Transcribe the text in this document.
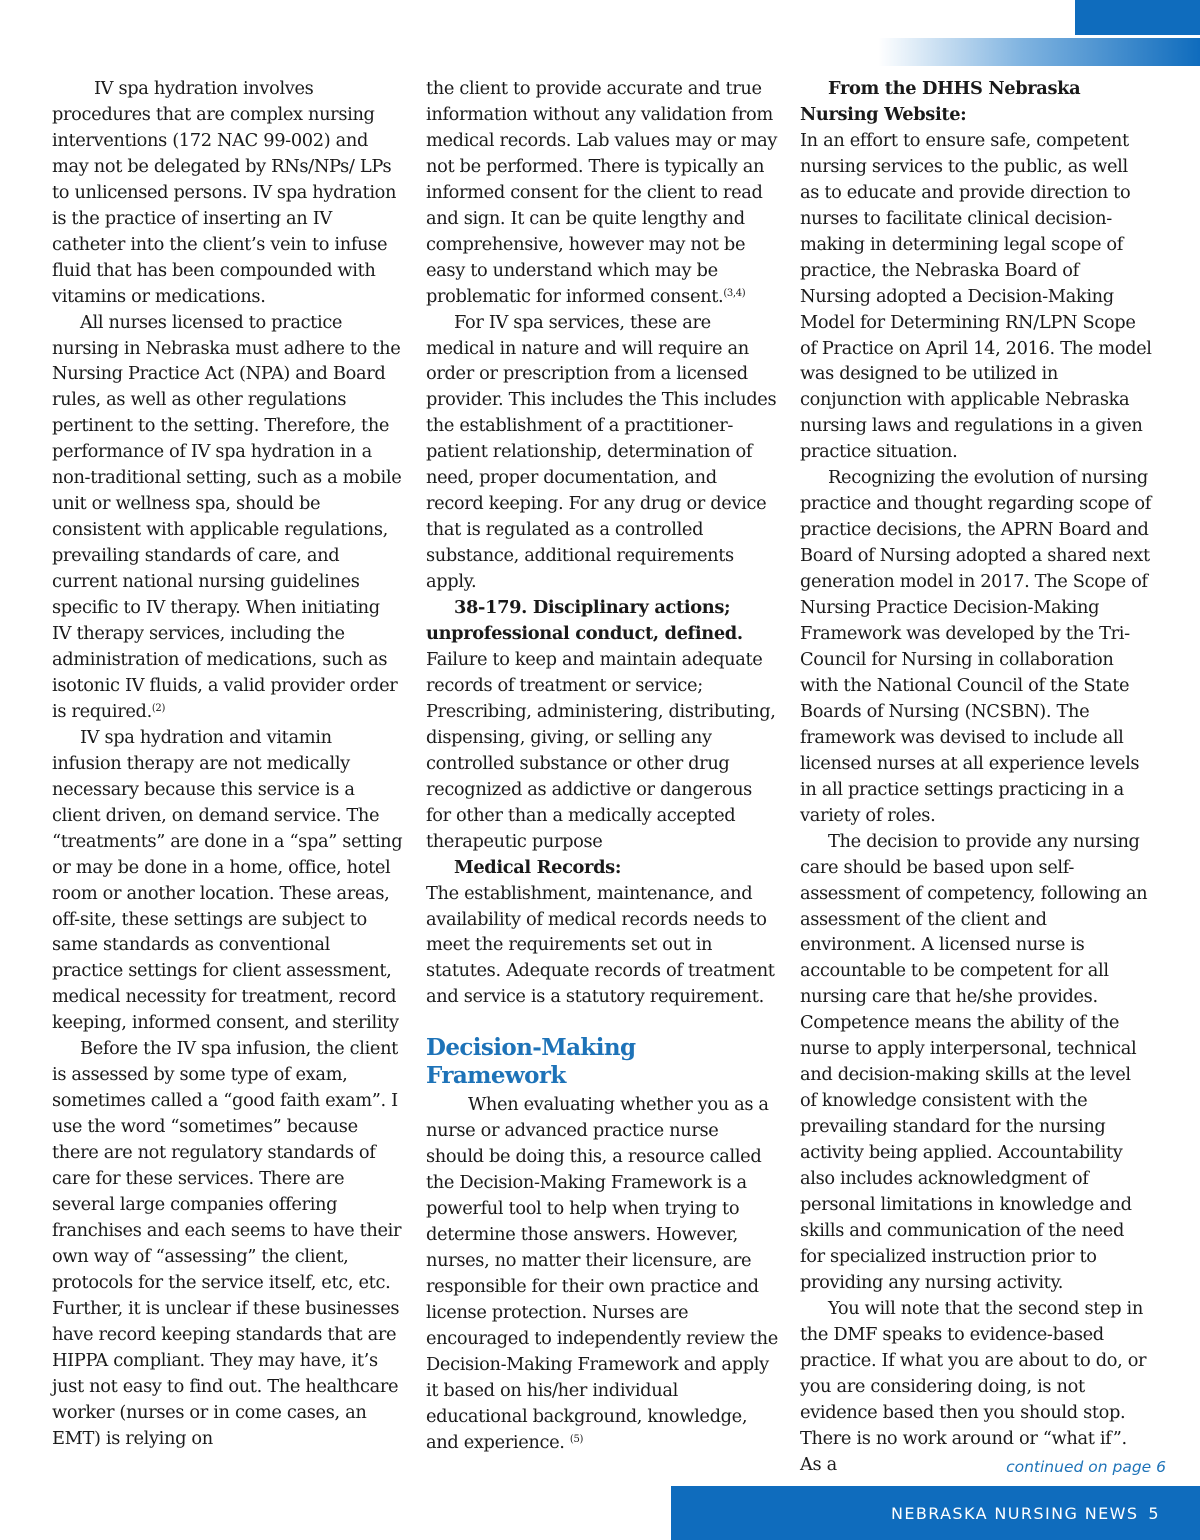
IV spa hydration involves procedures that are complex nursing interventions (172 NAC 99-002) and may not be delegated by RNs/NPs/ LPs to unlicensed persons. IV spa hydration is the practice of inserting an IV catheter into the client’s vein to infuse fluid that has been compounded with vitamins or medications.

All nurses licensed to practice nursing in Nebraska must adhere to the Nursing Practice Act (NPA) and Board rules, as well as other regulations pertinent to the setting. Therefore, the performance of IV spa hydration in a non-traditional setting, such as a mobile unit or wellness spa, should be consistent with applicable regulations, prevailing standards of care, and current national nursing guidelines specific to IV therapy. When initiating IV therapy services, including the administration of medications, such as isotonic IV fluids, a valid provider order is required.$^{(2)}$

IV spa hydration and vitamin infusion therapy are not medically necessary because this service is a client driven, on demand service. The “treatments” are done in a “spa” setting or may be done in a home, office, hotel room or another location. These areas, off-site, these settings are subject to same standards as conventional practice settings for client assessment, medical necessity for treatment, record keeping, informed consent, and sterility

Before the IV spa infusion, the client is assessed by some type of exam, sometimes called a “good faith exam”. I use the word “sometimes” because there are not regulatory standards of care for these services. There are several large companies offering franchises and each seems to have their own way of “assessing” the client, protocols for the service itself, etc, etc. Further, it is unclear if these businesses have record keeping standards that are HIPPA compliant. They may have, it’s just not easy to find out. The healthcare worker (nurses or in come cases, an EMT) is relying on

the client to provide accurate and true information without any validation from medical records. Lab values may or may not be performed. There is typically an informed consent for the client to read and sign. It can be quite lengthy and comprehensive, however may not be easy to understand which may be problematic for informed consent.$^{(3,4)}$

For IV spa services, these are medical in nature and will require an order or prescription from a licensed provider. This includes the This includes the establishment of a practitioner-patient relationship, determination of need, proper documentation, and record keeping. For any drug or device that is regulated as a controlled substance, additional requirements apply.

38-179. Disciplinary actions; unprofessional conduct, defined. Failure to keep and maintain adequate records of treatment or service; Prescribing, administering, distributing, dispensing, giving, or selling any controlled substance or other drug recognized as addictive or dangerous for other than a medically accepted therapeutic purpose

Medical Records:

The establishment, maintenance, and availability of medical records needs to meet the requirements set out in statutes. Adequate records of treatment and service is a statutory requirement.

Decision-Making Framework

When evaluating whether you as a nurse or advanced practice nurse should be doing this, a resource called the Decision-Making Framework is a powerful tool to help when trying to determine those answers. However, nurses, no matter their licensure, are responsible for their own practice and license protection. Nurses are encouraged to independently review the Decision-Making Framework and apply it based on his/her individual educational background, knowledge, and experience. $^{(5)}$

From the DHHS Nebraska Nursing Website:

In an effort to ensure safe, competent nursing services to the public, as well as to educate and provide direction to nurses to facilitate clinical decision-making in determining legal scope of practice, the Nebraska Board of Nursing adopted a Decision-Making Model for Determining RN/LPN Scope of Practice on April 14, 2016. The model was designed to be utilized in conjunction with applicable Nebraska nursing laws and regulations in a given practice situation.

Recognizing the evolution of nursing practice and thought regarding scope of practice decisions, the APRN Board and Board of Nursing adopted a shared next generation model in 2017. The Scope of Nursing Practice Decision-Making Framework was developed by the Tri-Council for Nursing in collaboration with the National Council of the State Boards of Nursing (NCSBN). The framework was devised to include all licensed nurses at all experience levels in all practice settings practicing in a variety of roles.

The decision to provide any nursing care should be based upon self-assessment of competency, following an assessment of the client and environment. A licensed nurse is accountable to be competent for all nursing care that he/she provides. Competence means the ability of the nurse to apply interpersonal, technical and decision-making skills at the level of knowledge consistent with the prevailing standard for the nursing activity being applied. Accountability also includes acknowledgment of personal limitations in knowledge and skills and communication of the need for specialized instruction prior to providing any nursing activity.

You will note that the second step in the DMF speaks to evidence-based practice. If what you are about to do, or you are considering doing, is not evidence based then you should stop. There is no work around or “what if”. As a	continued on page 6
NEBRASKA NURSING NEWS 5
